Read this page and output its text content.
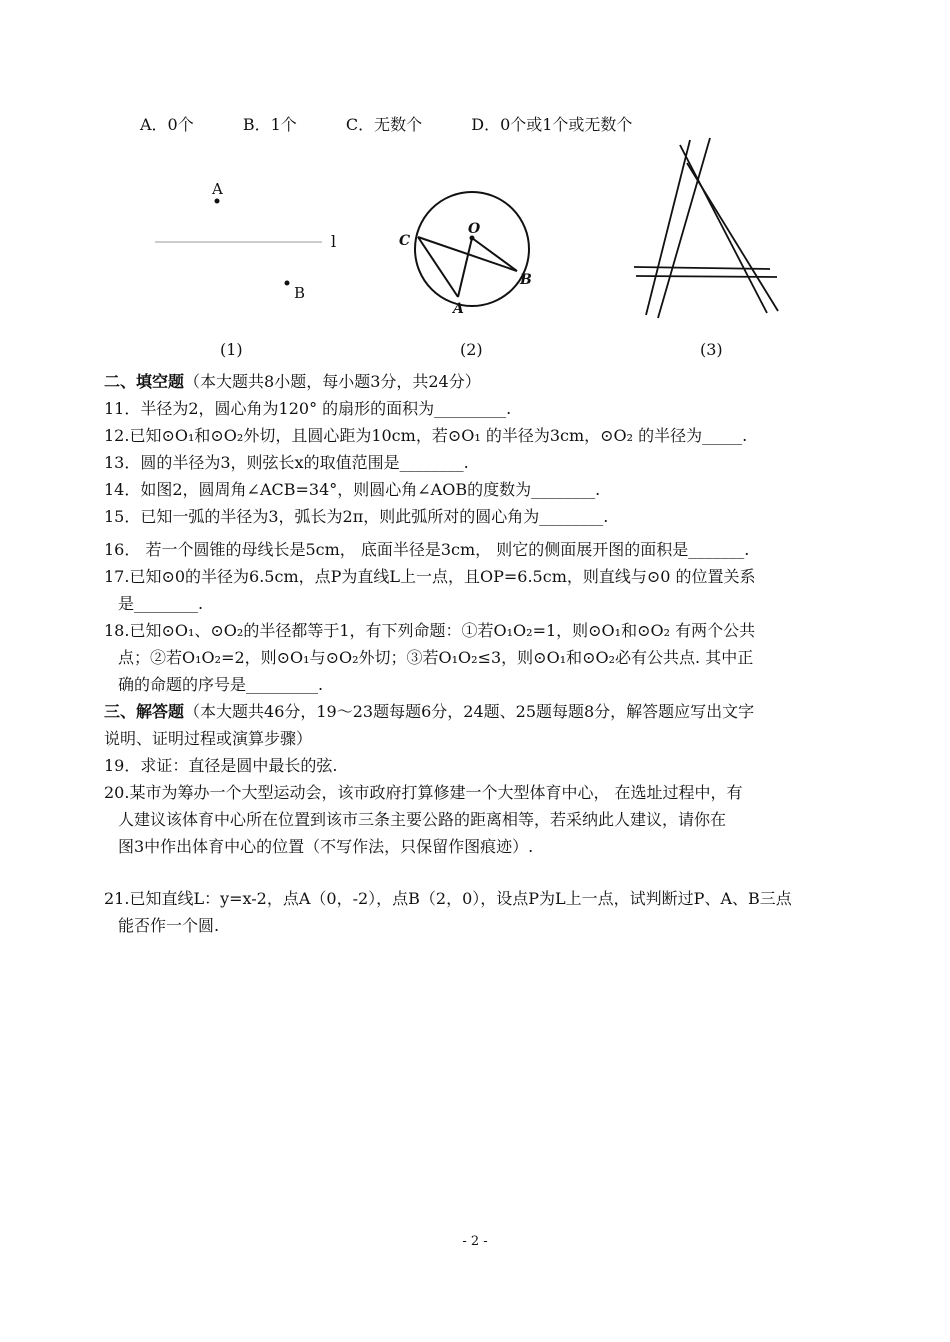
A．0个	B．1个	C．无数个	D．0个或1个或无数个
A
l
B
(1)
O
C
B
A
(2)	(3)
二、填空题（本大题共8小题，每小题3分，共24分）
11．半径为2，圆心角为120° 的扇形的面积为_________.
12.已知⊙O₁和⊙O₂外切，且圆心距为10cm，若⊙O₁ 的半径为3cm，⊙O₂ 的半径为_____.
13．圆的半径为3，则弦长x的取值范围是________.
14．如图2，圆周角∠ACB=34°，则圆心角∠AOB的度数为________.
15．已知一弧的半径为3，弧长为2π，则此弧所对的圆心角为________.
16． 若一个圆锥的母线长是5cm， 底面半径是3cm， 则它的侧面展开图的面积是_______.
17.已知⊙0的半径为6.5cm，点P为直线L上一点，且OP=6.5cm，则直线与⊙0 的位置关系
是________.
18.已知⊙O₁、⊙O₂的半径都等于1，有下列命题：①若O₁O₂=1，则⊙O₁和⊙O₂ 有两个公共
点；②若O₁O₂=2，则⊙O₁与⊙O₂外切；③若O₁O₂≤3，则⊙O₁和⊙O₂必有公共点. 其中正
确的命题的序号是_________.
三、解答题（本大题共46分，19～23题每题6分，24题、25题每题8分，解答题应写出文字
说明、证明过程或演算步骤）
19．求证：直径是圆中最长的弦.
20.某市为筹办一个大型运动会，该市政府打算修建一个大型体育中心， 在选址过程中，有
人建议该体育中心所在位置到该市三条主要公路的距离相等，若采纳此人建议，请你在
图3中作出体育中心的位置（不写作法，只保留作图痕迹）.
21.已知直线L：y=x-2，点A（0，-2），点B（2，0），设点P为L上一点，试判断过P、A、B三点
能否作一个圆.
- 2 -
